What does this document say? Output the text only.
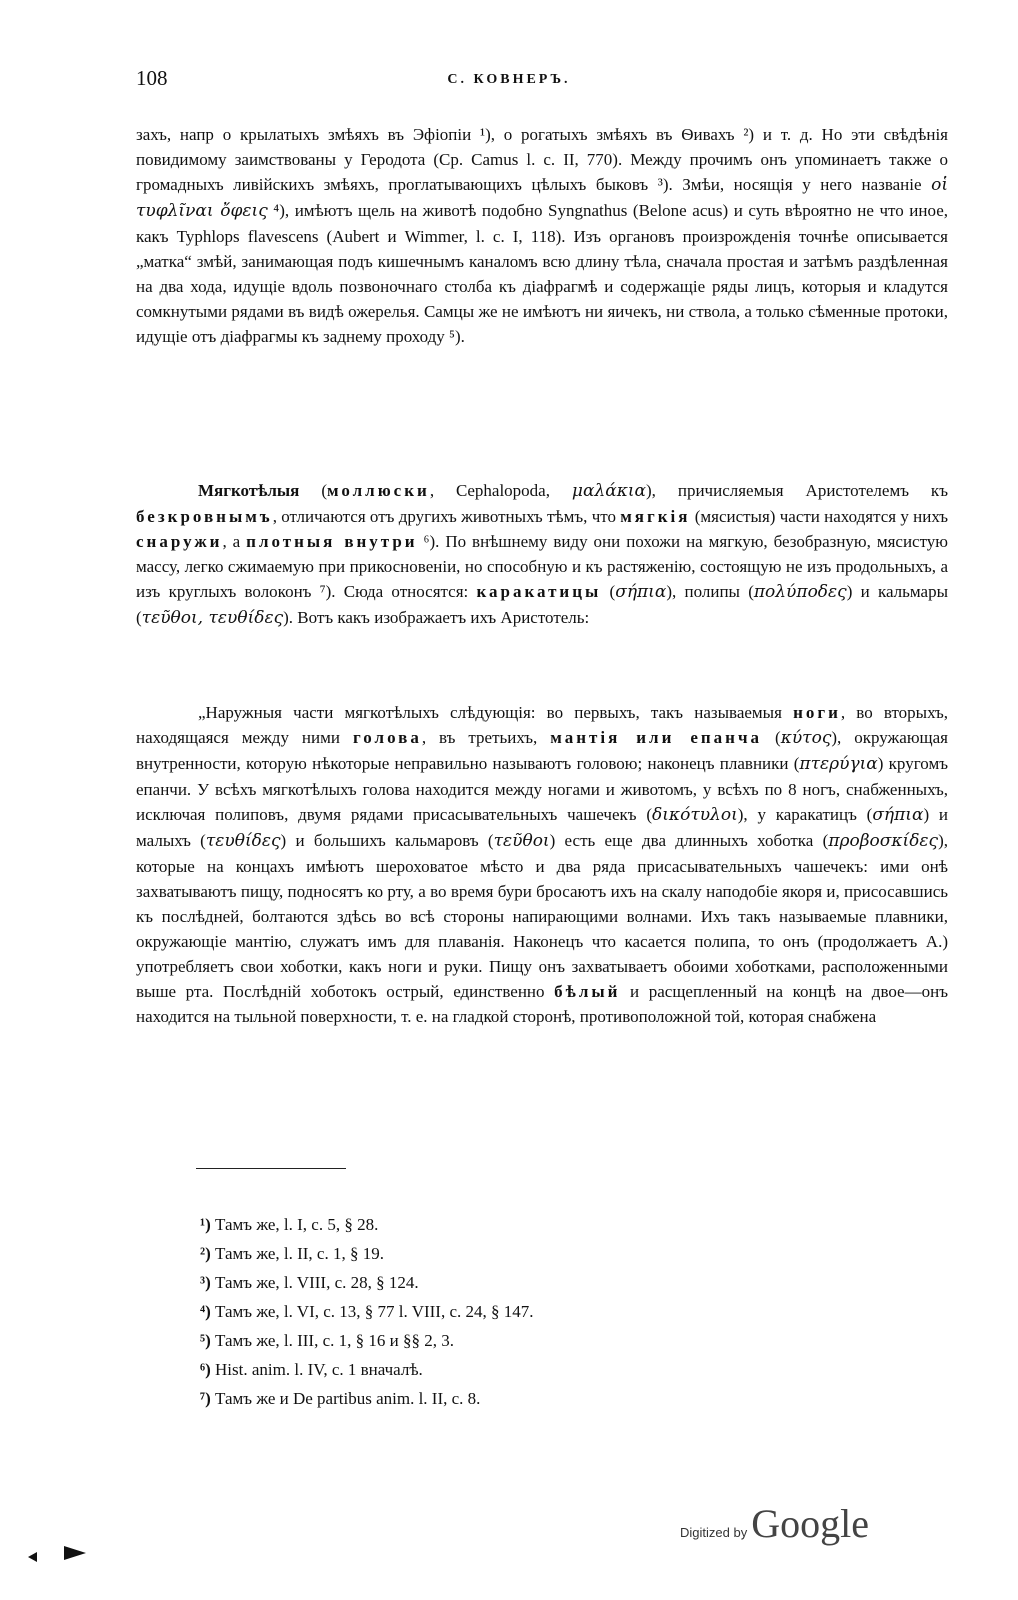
108	С. КОВНЕРЪ.

захъ, напр о крылатыхъ змѣяхъ въ Эфіопіи ¹), о рогатыхъ змѣяхъ въ Ѳивахъ ²) и т. д. Но эти свѣдѣнія повидимому заимствованы у Геродота (Ср. Camus l. c. II, 770). Между прочимъ онъ упоминаетъ также о громадныхъ ливійскихъ змѣяхъ, проглатывающихъ цѣлыхъ быковъ ³). Змѣи, носящія у него названіе οἱ τυφλῖναι ὄφεις ⁴), имѣютъ щель на животѣ подобно Syngnathus (Belone acus) и суть вѣроятно не что иное, какъ Typhlops flavescens (Aubert и Wimmer, l. c. I, 118). Изъ органовъ произрожденія точнѣе описывается „матка“ змѣй, занимающая подъ кишечнымъ каналомъ всю длину тѣла, сначала простая и затѣмъ раздѣленная на два хода, идущіе вдоль позвоночнаго столба къ діафрагмѣ и содержащіе ряды лицъ, которыя и кладутся сомкнутыми рядами въ видѣ ожерелья. Самцы же не имѣютъ ни яичекъ, ни ствола, а только сѣменные протоки, идущіе отъ діафрагмы къ заднему проходу ⁵).

Мягкотѣлыя (моллюски, Cephalopoda, μαλάκια), причисляемыя Аристотелемъ къ безкровнымъ, отличаются отъ другихъ животныхъ тѣмъ, что мягкія (мясистыя) части находятся у нихъ снаружи, а плотныя внутри ⁶). По внѣшнему виду они похожи на мягкую, безобразную, мясистую массу, легко сжимаемую при прикосновеніи, но способную и къ растяженію, состоящую не изъ продольныхъ, а изъ круглыхъ волоконъ ⁷). Сюда относятся: каракатицы (σήπια), полипы (πολύποδες) и кальмары (τεῦθοι, τευθίδες). Вотъ какъ изображаетъ ихъ Аристотель:

„Наружныя части мягкотѣлыхъ слѣдующія: во первыхъ, такъ называемыя ноги, во вторыхъ, находящаяся между ними голова, въ третьихъ, мантія или епанча (κύτος), окружающая внутренности, которую нѣкоторые неправильно называютъ головою; наконецъ плавники (πτερύγια) кругомъ епанчи. У всѣхъ мягкотѣлыхъ голова находится между ногами и животомъ, у всѣхъ по 8 ногъ, снабженныхъ, исключая полиповъ, двумя рядами присасывательныхъ чашечекъ (δικότυλοι), у каракатицъ (σήπια) и малыхъ (τευθίδες) и большихъ кальмаровъ (τεῦθοι) есть еще два длинныхъ хоботка (προβοσκίδες), которые на концахъ имѣютъ шероховатое мѣсто и два ряда присасывательныхъ чашечекъ: ими онѣ захватываютъ пищу, подносятъ ко рту, а во время бури бросаютъ ихъ на скалу наподобіе якоря и, присосавшись къ послѣдней, болтаются здѣсь во всѣ стороны напирающими волнами. Ихъ такъ называемые плавники, окружающіе мантію, служатъ имъ для плаванія. Наконецъ что касается полипа, то онъ (продолжаетъ А.) употребляетъ свои хоботки, какъ ноги и руки. Пищу онъ захватываетъ обоими хоботками, расположенными выше рта. Послѣдній хоботокъ острый, единственно бѣлый и расщепленный на концѣ на двое—онъ находится на тыльной поверхности, т. е. на гладкой сторонѣ, противоположной той, которая снабжена

¹) Тамъ же, l. I, c. 5, § 28.
²) Тамъ же, l. II, c. 1, § 19.
³) Тамъ же, l. VIII, c. 28, § 124.
⁴) Тамъ же, l. VI, c. 13, § 77 l. VIII, c. 24, § 147.
⁵) Тамъ же, l. III, c. 1, § 16 и §§ 2, 3.
⁶) Hist. anim. l. IV, c. 1 вначалѣ.
⁷) Тамъ же и De partibus anim. l. II, c. 8.
Digitized by Google
